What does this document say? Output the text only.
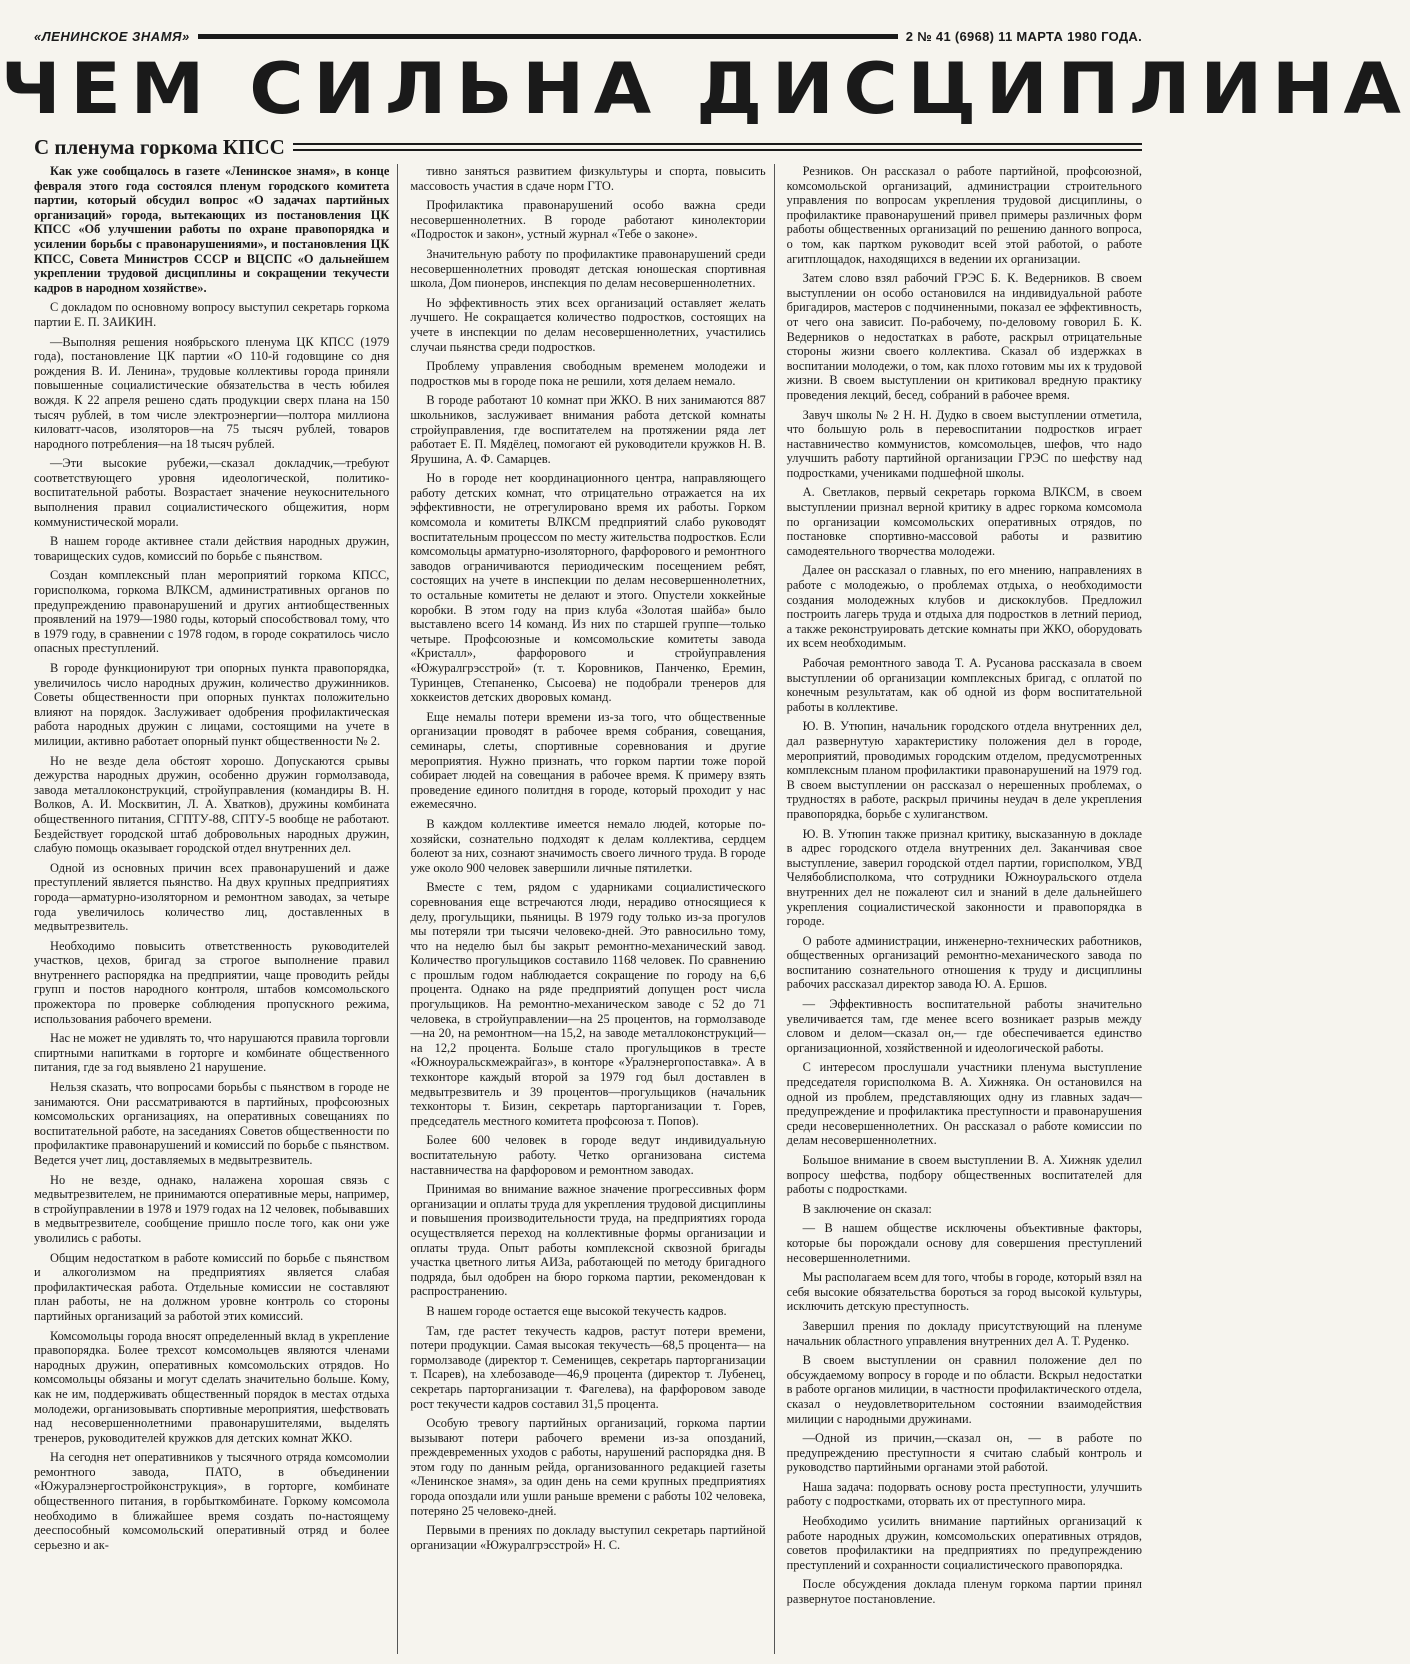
«ЛЕНИНСКОЕ ЗНАМЯ»	2 № 41 (6968) 11 МАРТА 1980 ГОДА.
ЧЕМ СИЛЬНА ДИСЦИПЛИНА
С пленума горкома КПСС

Как уже сообщалось в газете «Ленинское знамя», в конце февраля этого года состоялся пленум городского комитета партии, который обсудил вопрос «О задачах партийных организаций» города, вытекающих из постановления ЦК КПСС «Об улучшении работы по охране правопорядка и усилении борьбы с правонарушениями», и постановления ЦК КПСС, Совета Министров СССР и ВЦСПС «О дальнейшем укреплении трудовой дисциплины и сокращении текучести кадров в народном хозяйстве».

С докладом по основному вопросу выступил секретарь горкома партии Е. П. ЗАИКИН.

—Выполняя решения ноябрьского пленума ЦК КПСС (1979 года), постановление ЦК партии «О 110-й годовщине со дня рождения В. И. Ленина», трудовые коллективы города приняли повышенные социалистические обязательства в честь юбилея вождя. К 22 апреля решено сдать продукции сверх плана на 150 тысяч рублей, в том числе электроэнергии—полтора миллиона киловатт-часов, изоляторов—на 75 тысяч рублей, товаров народного потребления—на 18 тысяч рублей.

—Эти высокие рубежи,—сказал докладчик,—требуют соответствующего уровня идеологической, политико-воспитательной работы. Возрастает значение неукоснительного выполнения правил социалистического общежития, норм коммунистической морали.

В нашем городе активнее стали действия народных дружин, товарищеских судов, комиссий по борьбе с пьянством.

Создан комплексный план мероприятий горкома КПСС, горисполкома, горкома ВЛКСМ, административных органов по предупреждению правонарушений и других антиобщественных проявлений на 1979—1980 годы, который способствовал тому, что в 1979 году, в сравнении с 1978 годом, в городе сократилось число опасных преступлений.

В городе функционируют три опорных пункта правопорядка, увеличилось число народных дружин, количество дружинников. Советы общественности при опорных пунктах положительно влияют на порядок. Заслуживает одобрения профилактическая работа народных дружин с лицами, состоящими на учете в милиции, активно работает опорный пункт общественности № 2.

Но не везде дела обстоят хорошо. Допускаются срывы дежурства народных дружин, особенно дружин гормолзавода, завода металлоконструкций, стройуправления (командиры В. Н. Волков, А. И. Москвитин, Л. А. Хватков), дружины комбината общественного питания, СГПТУ-88, СПТУ-5 вообще не работают. Бездействует городской штаб добровольных народных дружин, слабую помощь оказывает городской отдел внутренних дел.

Одной из основных причин всех правонарушений и даже преступлений является пьянство. На двух крупных предприятиях города—арматурно-изоляторном и ремонтном заводах, за четыре года увеличилось количество лиц, доставленных в медвытрезвитель.

Необходимо повысить ответственность руководителей участков, цехов, бригад за строгое выполнение правил внутреннего распорядка на предприятии, чаще проводить рейды групп и постов народного контроля, штабов комсомольского прожектора по проверке соблюдения пропускного режима, использования рабочего времени.

Нас не может не удивлять то, что нарушаются правила торговли спиртными напитками в горторге и комбинате общественного питания, где за год выявлено 21 нарушение.

Нельзя сказать, что вопросами борьбы с пьянством в городе не занимаются. Они рассматриваются в партийных, профсоюзных комсомольских организациях, на оперативных совещаниях по воспитательной работе, на заседаниях Советов общественности по профилактике правонарушений и комиссий по борьбе с пьянством. Ведется учет лиц, доставляемых в медвытрезвитель.

Но не везде, однако, налажена хорошая связь с медвытрезвителем, не принимаются оперативные меры, например, в стройуправлении в 1978 и 1979 годах на 12 человек, побывавших в медвытрезвителе, сообщение пришло после того, как они уже уволились с работы.

Общим недостатком в работе комиссий по борьбе с пьянством и алкоголизмом на предприятиях является слабая профилактическая работа. Отдельные комиссии не составляют план работы, не на должном уровне контроль со стороны партийных организаций за работой этих комиссий.

Комсомольцы города вносят определенный вклад в укрепление правопорядка. Более трехсот комсомольцев являются членами народных дружин, оперативных комсомольских отрядов. Но комсомольцы обязаны и могут сделать значительно больше. Кому, как не им, поддерживать общественный порядок в местах отдыха молодежи, организовывать спортивные мероприятия, шефствовать над несовершеннолетними правонарушителями, выделять тренеров, руководителей кружков для детских комнат ЖКО.

На сегодня нет оперативников у тысячного отряда комсомолии ремонтного завода, ПАТО, в объединении «Южуралэнергостройконструкция», в горторге, комбинате общественного питания, в горбыткомбинате. Горкому комсомола необходимо в ближайшее время создать по-настоящему дееспособный комсомольский оперативный отряд и более серьезно и ак-

тивно заняться развитием физкультуры и спорта, повысить массовость участия в сдаче норм ГТО.

Профилактика правонарушений особо важна среди несовершеннолетних. В городе работают кинолектории «Подросток и закон», устный журнал «Тебе о законе».

Значительную работу по профилактике правонарушений среди несовершеннолетних проводят детская юношеская спортивная школа, Дом пионеров, инспекция по делам несовершеннолетних.

Но эффективность этих всех организаций оставляет желать лучшего. Не сокращается количество подростков, состоящих на учете в инспекции по делам несовершеннолетних, участились случаи пьянства среди подростков.

Проблему управления свободным временем молодежи и подростков мы в городе пока не решили, хотя делаем немало.

В городе работают 10 комнат при ЖКО. В них занимаются 887 школьников, заслуживает внимания работа детской комнаты стройуправления, где воспитателем на протяжении ряда лет работает Е. П. Мядёлец, помогают ей руководители кружков Н. В. Ярушина, А. Ф. Самарцев.

Но в городе нет координационного центра, направляющего работу детских комнат, что отрицательно отражается на их эффективности, не отрегулировано время их работы. Горком комсомола и комитеты ВЛКСМ предприятий слабо руководят воспитательным процессом по месту жительства подростков. Если комсомольцы арматурно-изоляторного, фарфорового и ремонтного заводов ограничиваются периодическим посещением ребят, состоящих на учете в инспекции по делам несовершеннолетних, то остальные комитеты не делают и этого. Опустели хоккейные коробки. В этом году на приз клуба «Золотая шайба» было выставлено всего 14 команд. Из них по старшей группе—только четыре. Профсоюзные и комсомольские комитеты завода «Кристалл», фарфорового и стройуправления «Южуралгрэсстрой» (т. т. Коровников, Панченко, Еремин, Туринцев, Степаненко, Сысоева) не подобрали тренеров для хоккеистов детских дворовых команд.

Еще немалы потери времени из-за того, что общественные организации проводят в рабочее время собрания, совещания, семинары, слеты, спортивные соревнования и другие мероприятия. Нужно признать, что горком партии тоже порой собирает людей на совещания в рабочее время. К примеру взять проведение единого политдня в городе, который проходит у нас ежемесячно.

В каждом коллективе имеется немало людей, которые по-хозяйски, сознательно подходят к делам коллектива, сердцем болеют за них, сознают значимость своего личного труда. В городе уже около 900 человек завершили личные пятилетки.

Вместе с тем, рядом с ударниками социалистического соревнования еще встречаются люди, нерадиво относящиеся к делу, прогульщики, пьяницы. В 1979 году только из-за прогулов мы потеряли три тысячи человеко-дней. Это равносильно тому, что на неделю был бы закрыт ремонтно-механический завод. Количество прогульщиков составило 1168 человек. По сравнению с прошлым годом наблюдается сокращение по городу на 6,6 процента. Однако на ряде предприятий допущен рост числа прогульщиков. На ремонтно-механическом заводе с 52 до 71 человека, в стройуправлении—на 25 процентов, на гормолзаводе—на 20, на ремонтном—на 15,2, на заводе металлоконструкций—на 12,2 процента. Больше стало прогульщиков в тресте «Южноуральскмежрайгаз», в конторе «Уралэнергопоставка». А в техконторе каждый второй за 1979 год был доставлен в медвытрезвитель и 39 процентов—прогульщиков (начальник техконторы т. Бизин, секретарь парторганизации т. Горев, председатель местного комитета профсоюза т. Попов).

Более 600 человек в городе ведут индивидуальную воспитательную работу. Четко организована система наставничества на фарфоровом и ремонтном заводах.

Принимая во внимание важное значение прогрессивных форм организации и оплаты труда для укрепления трудовой дисциплины и повышения производительности труда, на предприятиях города осуществляется переход на коллективные формы организации и оплаты труда. Опыт работы комплексной сквозной бригады участка цветного литья АИЗа, работающей по методу бригадного подряда, был одобрен на бюро горкома партии, рекомендован к распространению.

В нашем городе остается еще высокой текучесть кадров.

Там, где растет текучесть кадров, растут потери времени, потери продукции. Самая высокая текучесть—68,5 процента— на гормолзаводе (директор т. Семенищев, секретарь парторганизации т. Псарев), на хлебозаводе—46,9 процента (директор т. Лубенец, секретарь парторганизации т. Фагелева), на фарфоровом заводе рост текучести кадров составил 31,5 процента.

Особую тревогу партийных организаций, горкома партии вызывают потери рабочего времени из-за опозданий, преждевременных уходов с работы, нарушений распорядка дня. В этом году по данным рейда, организованного редакцией газеты «Ленинское знамя», за один день на семи крупных предприятиях города опоздали или ушли раньше времени с работы 102 человека, потеряно 25 человеко-дней.

Первыми в прениях по докладу выступил секретарь партийной организации «Южуралгрэсстрой» Н. С.

Резников. Он рассказал о работе партийной, профсоюзной, комсомольской организаций, администрации строительного управления по вопросам укрепления трудовой дисциплины, о профилактике правонарушений привел примеры различных форм работы общественных организаций по решению данного вопроса, о том, как партком руководит всей этой работой, о работе агитплощадок, находящихся в ведении их организации.

Затем слово взял рабочий ГРЭС Б. К. Ведерников. В своем выступлении он особо остановился на индивидуальной работе бригадиров, мастеров с подчиненными, показал ее эффективность, от чего она зависит. По-рабочему, по-деловому говорил Б. К. Ведерников о недостатках в работе, раскрыл отрицательные стороны жизни своего коллектива. Сказал об издержках в воспитании молодежи, о том, как плохо готовим мы их к трудовой жизни. В своем выступлении он критиковал вредную практику проведения лекций, бесед, собраний в рабочее время.

Завуч школы № 2 Н. Н. Дудко в своем выступлении отметила, что большую роль в перевоспитании подростков играет наставничество коммунистов, комсомольцев, шефов, что надо улучшить работу партийной организации ГРЭС по шефству над подростками, учениками подшефной школы.

А. Светлаков, первый секретарь горкома ВЛКСМ, в своем выступлении признал верной критику в адрес горкома комсомола по организации комсомольских оперативных отрядов, по постановке спортивно-массовой работы и развитию самодеятельного творчества молодежи.

Далее он рассказал о главных, по его мнению, направлениях в работе с молодежью, о проблемах отдыха, о необходимости создания молодежных клубов и дискоклубов. Предложил построить лагерь труда и отдыха для подростков в летний период, а также реконструировать детские комнаты при ЖКО, оборудовать их всем необходимым.

Рабочая ремонтного завода Т. А. Русанова рассказала в своем выступлении об организации комплексных бригад, с оплатой по конечным результатам, как об одной из форм воспитательной работы в коллективе.

Ю. В. Утюпин, начальник городского отдела внутренних дел, дал развернутую характеристику положения дел в городе, мероприятий, проводимых городским отделом, предусмотренных комплексным планом профилактики правонарушений на 1979 год. В своем выступлении он рассказал о нерешенных проблемах, о трудностях в работе, раскрыл причины неудач в деле укрепления правопорядка, борьбе с хулиганством.

Ю. В. Утюпин также признал критику, высказанную в докладе в адрес городского отдела внутренних дел. Заканчивая свое выступление, заверил городской отдел партии, горисполком, УВД Челябоблисполкома, что сотрудники Южноуральского отдела внутренних дел не пожалеют сил и знаний в деле дальнейшего укрепления социалистической законности и правопорядка в городе.

О работе администрации, инженерно-технических работников, общественных организаций ремонтно-механического завода по воспитанию сознательного отношения к труду и дисциплины рабочих рассказал директор завода Ю. А. Ершов.

— Эффективность воспитательной работы значительно увеличивается там, где менее всего возникает разрыв между словом и делом—сказал он,— где обеспечивается единство организационной, хозяйственной и идеологической работы.

С интересом прослушали участники пленума выступление председателя горисполкома В. А. Хижняка. Он остановился на одной из проблем, представляющих одну из главных задач— предупреждение и профилактика преступности и правонарушения среди несовершеннолетних. Он рассказал о работе комиссии по делам несовершеннолетних.

Большое внимание в своем выступлении В. А. Хижняк уделил вопросу шефства, подбору общественных воспитателей для работы с подростками.

В заключение он сказал:

— В нашем обществе исключены объективные факторы, которые бы порождали основу для совершения преступлений несовершеннолетними.

Мы располагаем всем для того, чтобы в городе, который взял на себя высокие обязательства бороться за город высокой культуры, исключить детскую преступность.

Завершил прения по докладу присутствующий на пленуме начальник областного управления внутренних дел А. Т. Руденко.

В своем выступлении он сравнил положение дел по обсуждаемому вопросу в городе и по области. Вскрыл недостатки в работе органов милиции, в частности профилактического отдела, сказал о неудовлетворительном состоянии взаимодействия милиции с народными дружинами.

—Одной из причин,—сказал он, — в работе по предупреждению преступности я считаю слабый контроль и руководство партийными органами этой работой.

Наша задача: подорвать основу роста преступности, улучшить работу с подростками, оторвать их от преступного мира.

Необходимо усилить внимание партийных организаций к работе народных дружин, комсомольских оперативных отрядов, советов профилактики на предприятиях по предупреждению преступлений и сохранности социалистического правопорядка.

После обсуждения доклада пленум горкома партии принял развернутое постановление.
